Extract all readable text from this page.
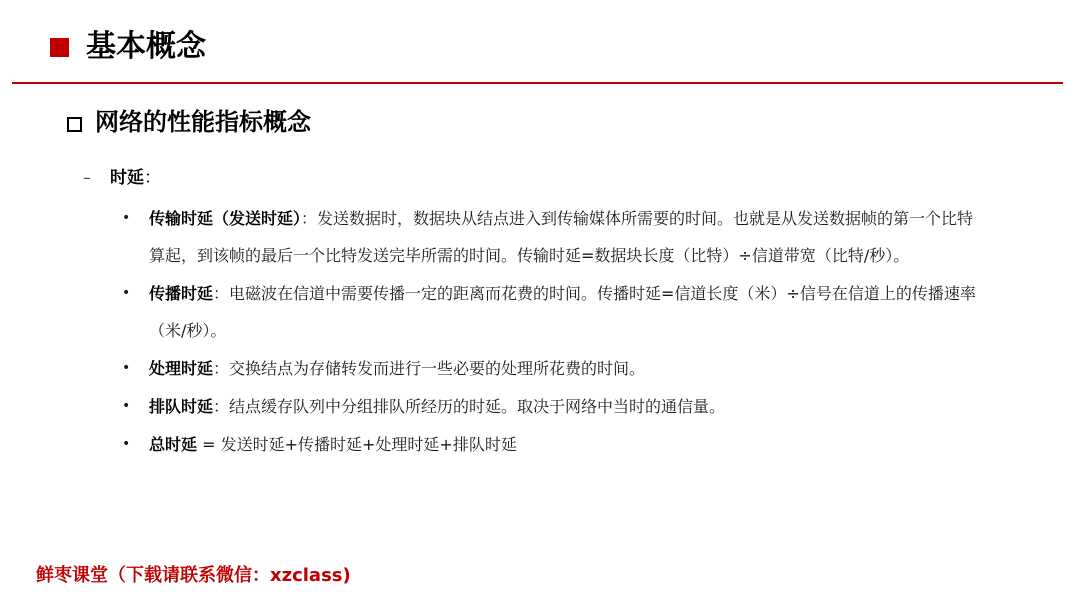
基本概念
网络的性能指标概念
– 时延：
• 传输时延（发送时延）：发送数据时，数据块从结点进入到传输媒体所需要的时间。也就是从发送数据帧的第一个比特算起，到该帧的最后一个比特发送完毕所需的时间。传输时延=数据块长度（比特）÷信道带宽（比特/秒）。
• 传播时延：电磁波在信道中需要传播一定的距离而花费的时间。传播时延=信道长度（米）÷信号在信道上的传播速率（米/秒）。
• 处理时延：交换结点为存储转发而进行一些必要的处理所花费的时间。
• 排队时延：结点缓存队列中分组排队所经历的时延。取决于网络中当时的通信量。
• 总时延 = 发送时延+传播时延+处理时延+排队时延
鲜枣课堂（下载请联系微信：xzclass)
